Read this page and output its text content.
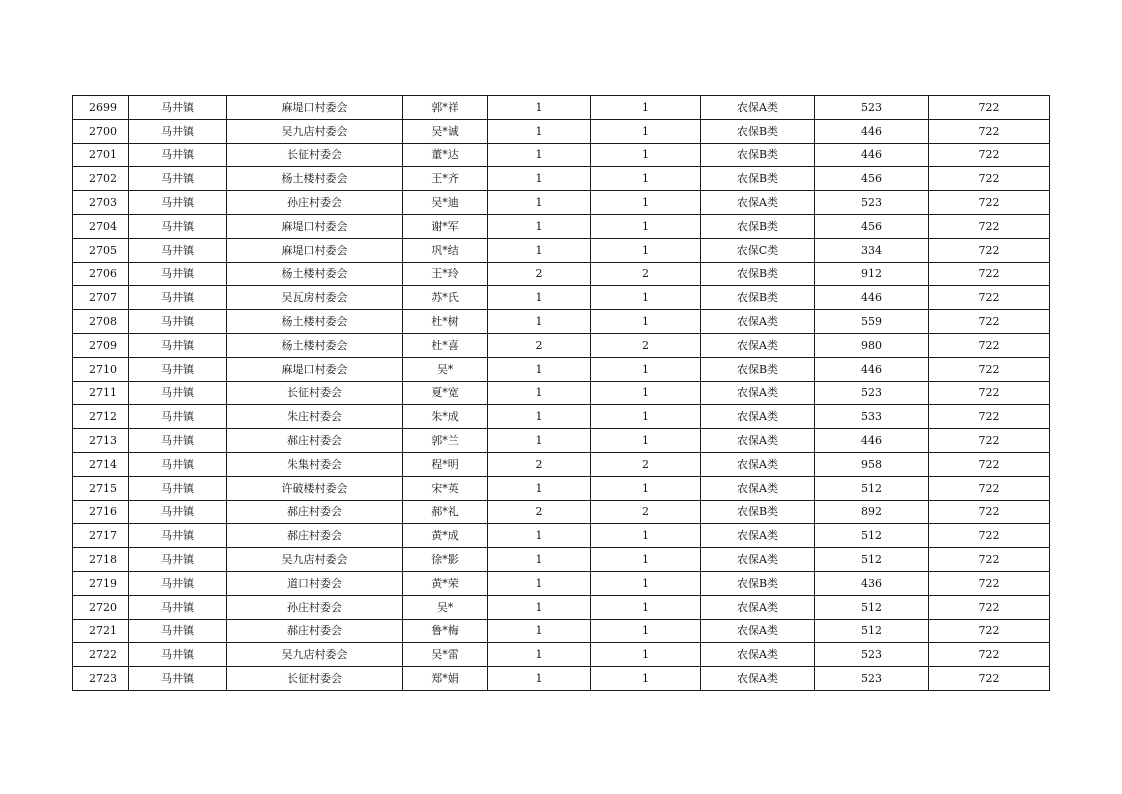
2699	马井镇	麻堤口村委会	郭*祥	1	1	农保A类	523	722
2700	马井镇	吴九店村委会	吴*诚	1	1	农保B类	446	722
2701	马井镇	长征村委会	董*达	1	1	农保B类	446	722
2702	马井镇	杨土楼村委会	王*齐	1	1	农保B类	456	722
2703	马井镇	孙庄村委会	吴*迪	1	1	农保A类	523	722
2704	马井镇	麻堤口村委会	谢*军	1	1	农保B类	456	722
2705	马井镇	麻堤口村委会	巩*结	1	1	农保C类	334	722
2706	马井镇	杨土楼村委会	王*玲	2	2	农保B类	912	722
2707	马井镇	吴瓦房村委会	苏*氏	1	1	农保B类	446	722
2708	马井镇	杨土楼村委会	杜*树	1	1	农保A类	559	722
2709	马井镇	杨土楼村委会	杜*喜	2	2	农保A类	980	722
2710	马井镇	麻堤口村委会	吴*	1	1	农保B类	446	722
2711	马井镇	长征村委会	夏*宽	1	1	农保A类	523	722
2712	马井镇	朱庄村委会	朱*成	1	1	农保A类	533	722
2713	马井镇	郝庄村委会	郭*兰	1	1	农保A类	446	722
2714	马井镇	朱集村委会	程*明	2	2	农保A类	958	722
2715	马井镇	许破楼村委会	宋*英	1	1	农保A类	512	722
2716	马井镇	郝庄村委会	郝*礼	2	2	农保B类	892	722
2717	马井镇	郝庄村委会	黄*成	1	1	农保A类	512	722
2718	马井镇	吴九店村委会	徐*影	1	1	农保A类	512	722
2719	马井镇	道口村委会	黄*荣	1	1	农保B类	436	722
2720	马井镇	孙庄村委会	吴*	1	1	农保A类	512	722
2721	马井镇	郝庄村委会	鲁*梅	1	1	农保A类	512	722
2722	马井镇	吴九店村委会	吴*雷	1	1	农保A类	523	722
2723	马井镇	长征村委会	郑*娟	1	1	农保A类	523	722
